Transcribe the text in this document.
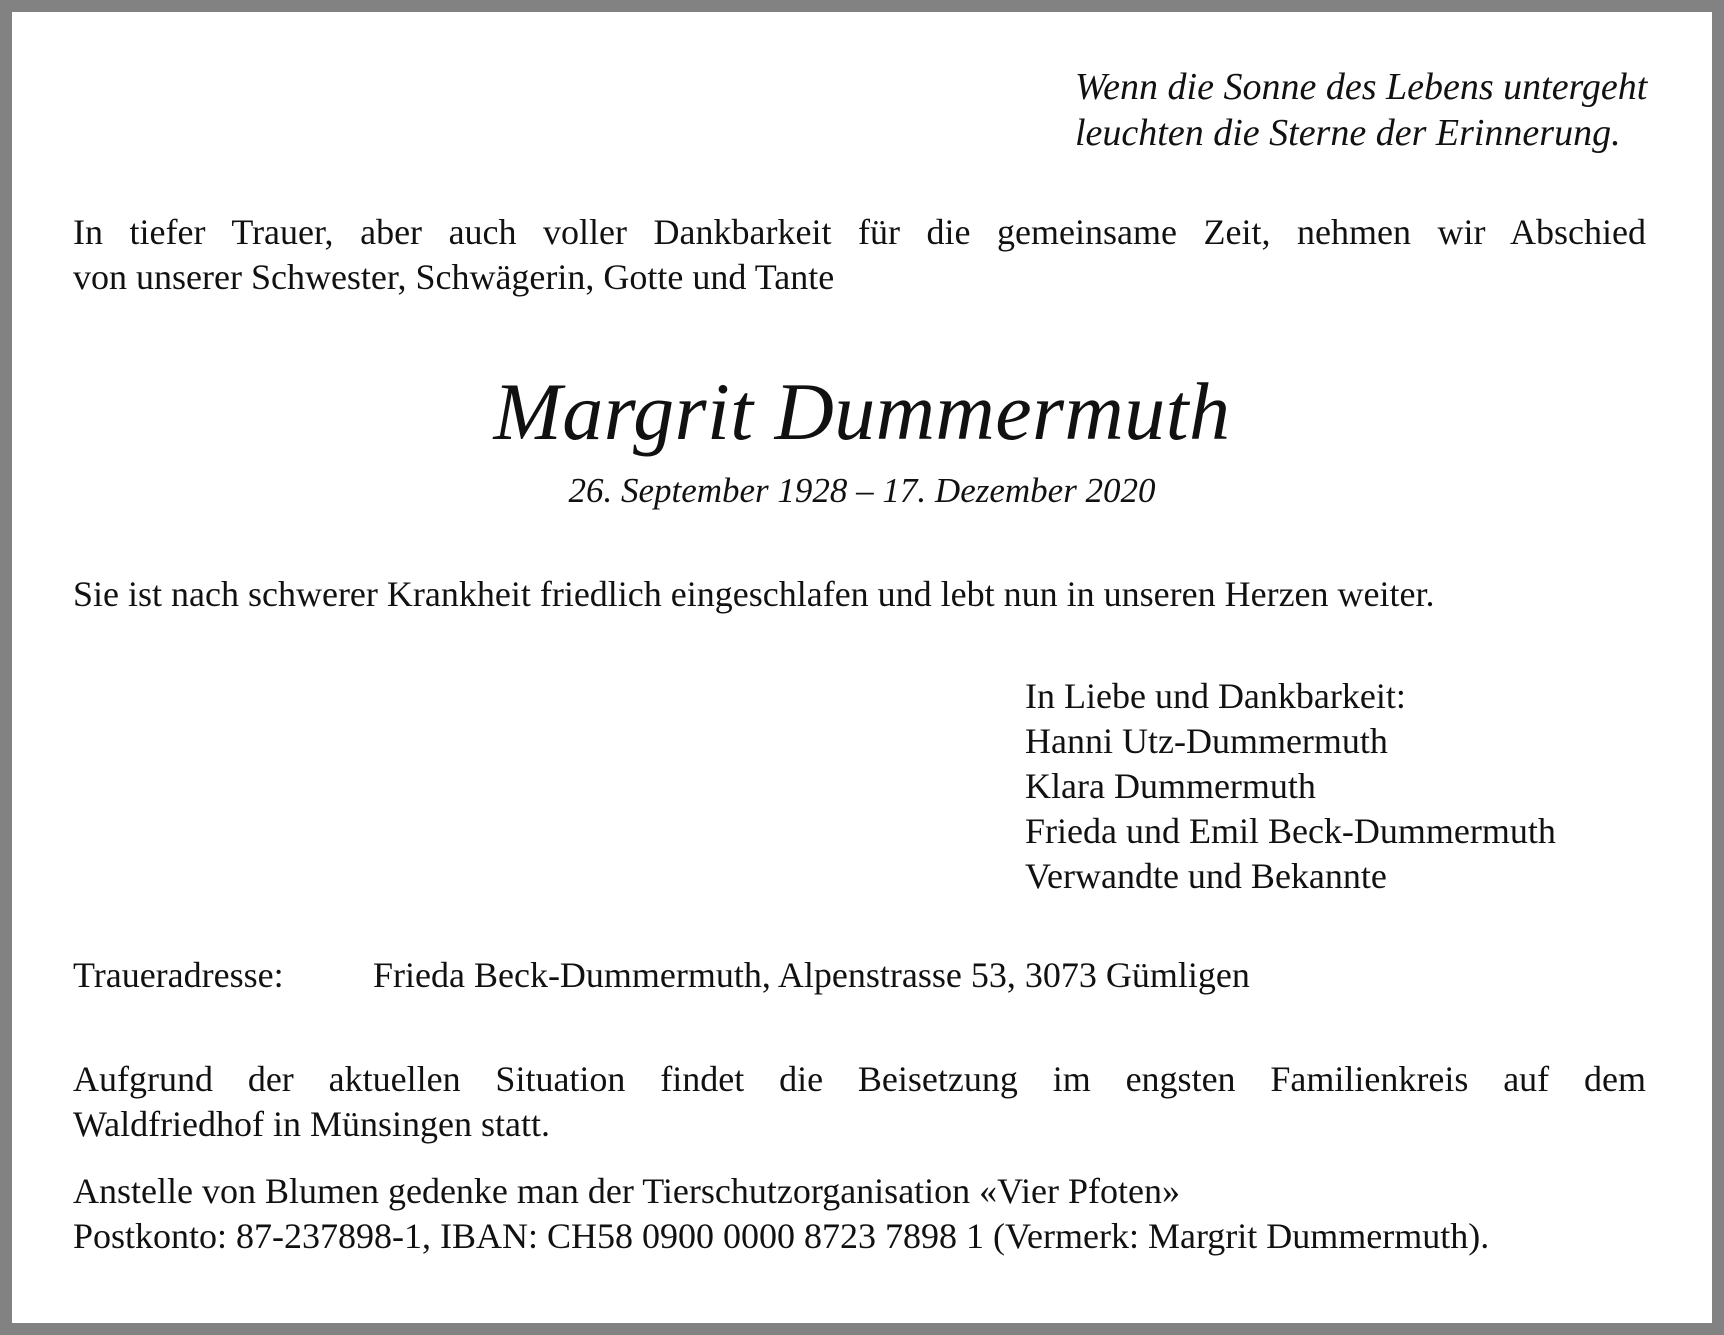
Wenn die Sonne des Lebens untergeht
leuchten die Sterne der Erinnerung.
In tiefer Trauer, aber auch voller Dankbarkeit für die gemeinsame Zeit, nehmen wir Abschied
von unserer Schwester, Schwägerin, Gotte und Tante
Margrit Dummermuth
26. September 1928 – 17. Dezember 2020
Sie ist nach schwerer Krankheit friedlich eingeschlafen und lebt nun in unseren Herzen weiter.
In Liebe und Dankbarkeit:
Hanni Utz-Dummermuth
Klara Dummermuth
Frieda und Emil Beck-Dummermuth
Verwandte und Bekannte
Traueradresse: Frieda Beck-Dummermuth, Alpenstrasse 53, 3073 Gümligen
Aufgrund der aktuellen Situation findet die Beisetzung im engsten Familienkreis auf dem
Waldfriedhof in Münsingen statt.
Anstelle von Blumen gedenke man der Tierschutzorganisation «Vier Pfoten»
Postkonto: 87-237898-1, IBAN: CH58 0900 0000 8723 7898 1 (Vermerk: Margrit Dummermuth).
